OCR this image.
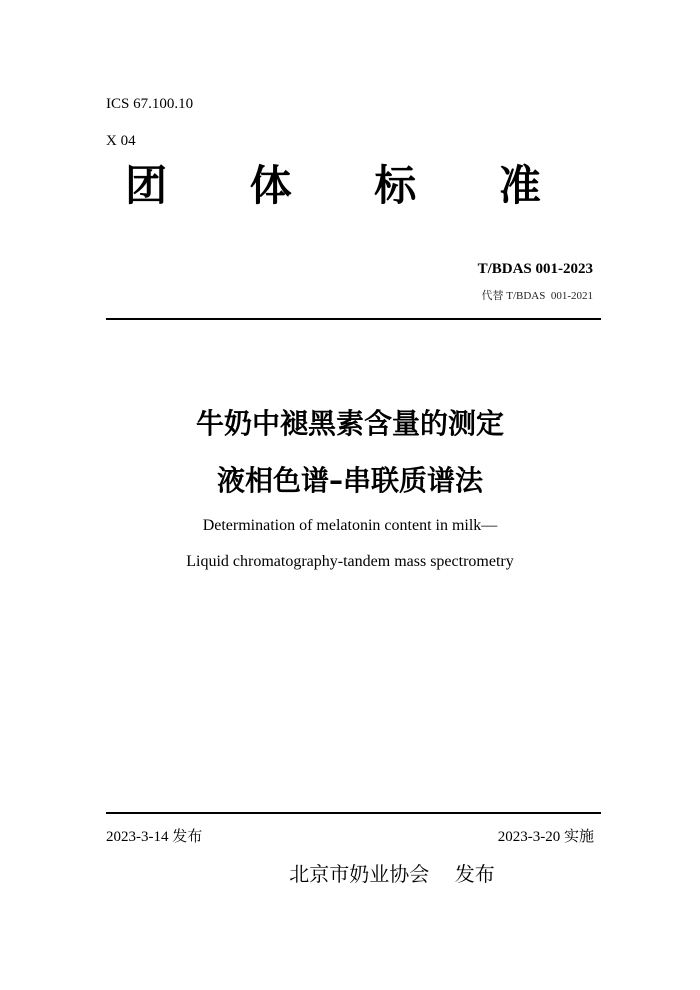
ICS 67.100.10
X 04
团 体 标 准
T/BDAS 001-2023
代替 T/BDAS  001-2021
牛奶中褪黑素含量的测定
液相色谱–串联质谱法
Determination of melatonin content in milk—
Liquid chromatography-tandem mass spectrometry
2023-3-14 发布	2023-3-20 实施
北京市奶业协会    发布
